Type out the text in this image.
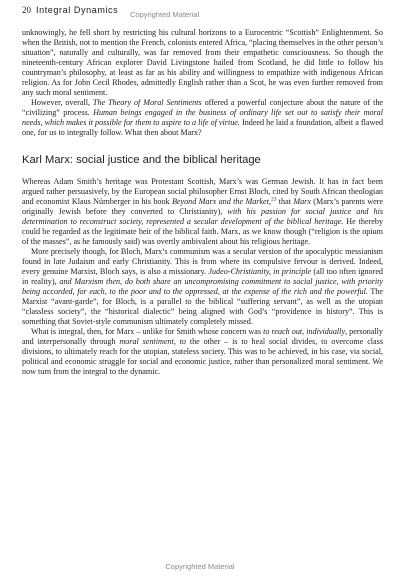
20 Integral Dynamics Copyrighted Material

unknowingly, he fell short by restricting his cultural horizons to a Eurocentric “Scottish” Enlightenment. So when the British, not to mention the French, colonists entered Africa, “placing themselves in the other person’s situation”, naturally and culturally, was far removed from their empathetic consciousness. So though the nineteenth-century African explorer David Livingstone hailed from Scotland, he did little to follow his countryman’s philosophy, at least as far as his ability and willingness to empathize with indigenous African religion. As for John Cecil Rhodes, admittedly English rather than a Scot, he was even further removed from any such moral sentiment.

However, overall, The Theory of Moral Sentiments offered a powerful conjecture about the nature of the “civilizing” process. Human beings engaged in the business of ordinary life set out to satisfy their moral needs, which makes it possible for them to aspire to a life of virtue. Indeed he laid a foundation, albeit a flawed one, for us to integrally follow. What then about Marx?

Karl Marx: social justice and the biblical heritage

Whereas Adam Smith’s heritage was Protestant Scottish, Marx’s was German Jewish. It has in fact been argued rather persuasively, by the European social philosopher Ernst Bloch, cited by South African theologian and economist Klaus Nürnberger in his book Beyond Marx and the Market,$^{23}$ that Marx (Marx’s parents were originally Jewish before they converted to Christianity), with his passion for social justice and his determination to reconstruct society, represented a secular development of the biblical heritage. He thereby could be regarded as the legitimate heir of the biblical faith. Marx, as we know though (“religion is the opium of the masses”, as he famously said) was overtly ambivalent about his religious heritage.

More precisely though, for Bloch, Marx’s communism was a secular version of the apocalyptic messianism found in late Judaism and early Christianity. This is from where its compulsive fervour is derived. Indeed, every genuine Marxist, Bloch says, is also a missionary. Judeo-Christianity, in principle (all too often ignored in reality), and Marxism then, do both share an uncompromising commitment to social justice, with priority being accorded, for each, to the poor and to the oppressed, at the expense of the rich and the powerful. The Marxist “avant-garde”, for Bloch, is a parallel to the biblical “suffering servant”, as well as the utopian “classless society”, the “historical dialectic” being aligned with God’s “providence in history”. This is something that Soviet-style communism ultimately completely missed.

What is integral, then, for Marx – unlike for Smith whose concern was to reach out, individually, personally and interpersonally through moral sentiment, to the other – is to heal social divides, to overcome class divisions, to ultimately reach for the utopian, stateless society. This was to be achieved, in his case, via social, political and economic struggle for social and economic justice, rather than personalized moral sentiment. We now turn from the integral to the dynamic.

Copyrighted Material
